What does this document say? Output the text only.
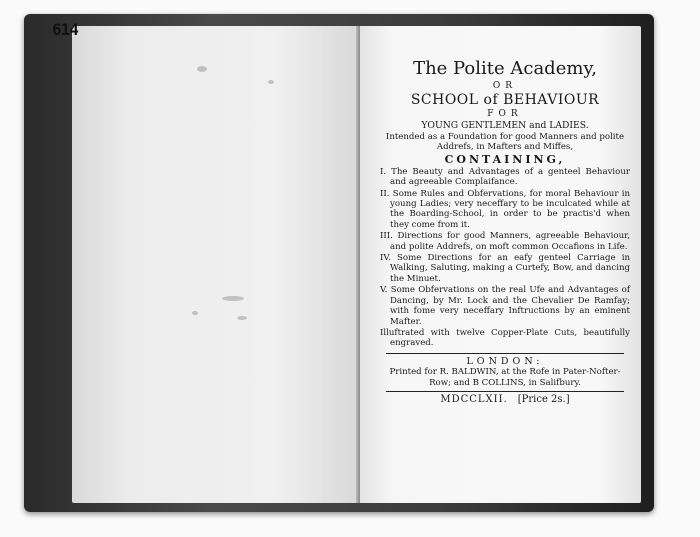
614
The Polite Academy,
OR
SCHOOL of BEHAVIOUR
FOR
YOUNG GENTLEMEN and LADIES.
Intended as a Foundation for good Manners and polite Addrefs, in Mafters and Miffes,
CONTAINING,
I. The Beauty and Advantages of a genteel Behaviour and agreeable Complaifance.
II. Some Rules and Obfervations, for moral Behaviour in young Ladies; very neceffary to be inculcated while at the Boarding-School, in order to be practis'd when they come from it.
III. Directions for good Manners, agreeable Behaviour, and polite Addrefs, on moft common Occafions in Life.
IV. Some Directions for an eafy genteel Carriage in Walking, Saluting, making a Curtefy, Bow, and dancing the Minuet.
V. Some Obfervations on the real Ufe and Advantages of Dancing, by Mr. Lock and the Chevalier De Ramfay; with fome very neceffary Inftructions by an eminent Mafter.
Illuftrated with twelve Copper-Plate Cuts, beautifully engraved.
LONDON:
Printed for R. BALDWIN, at the Rofe in Pater-Nofter-Row; and B COLLINS, in Salifbury.
MDCCLXII. [Price 2s.]
